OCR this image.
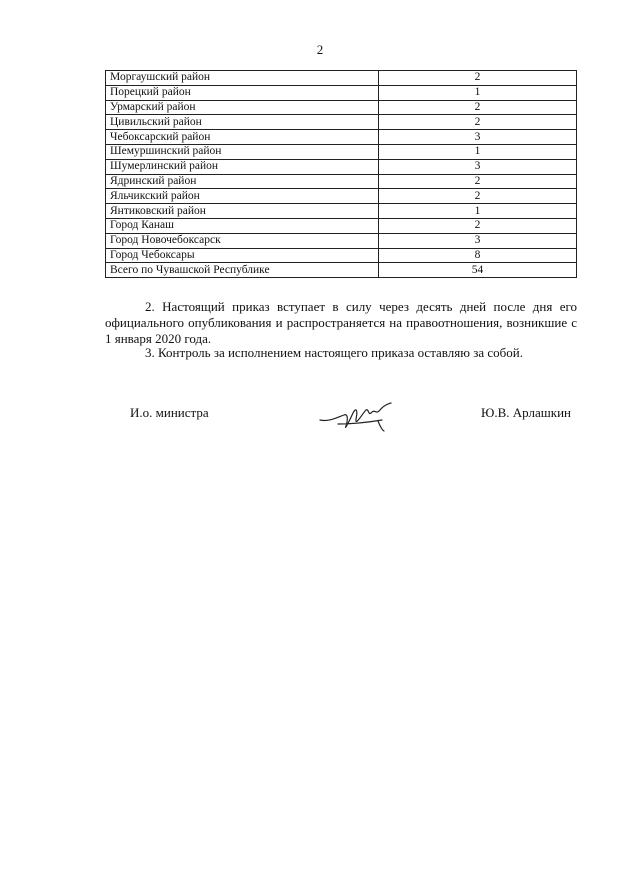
2
Моргаушский район	2
Порецкий район	1
Урмарский район	2
Цивильский район	2
Чебоксарский район	3
Шемуршинский район	1
Шумерлинский район	3
Ядринский район	2
Яльчикский район	2
Янтиковский район	1
Город Канаш	2
Город Новочебоксарск	3
Город Чебоксары	8
Всего по Чувашской Республике	54
2. Настоящий приказ вступает в силу через десять дней после дня его официального опубликования и распространяется на правоотношения, возникшие с 1 января 2020 года.
3. Контроль за исполнением настоящего приказа оставляю за собой.
И.о. министра	Ю.В. Арлашкин
